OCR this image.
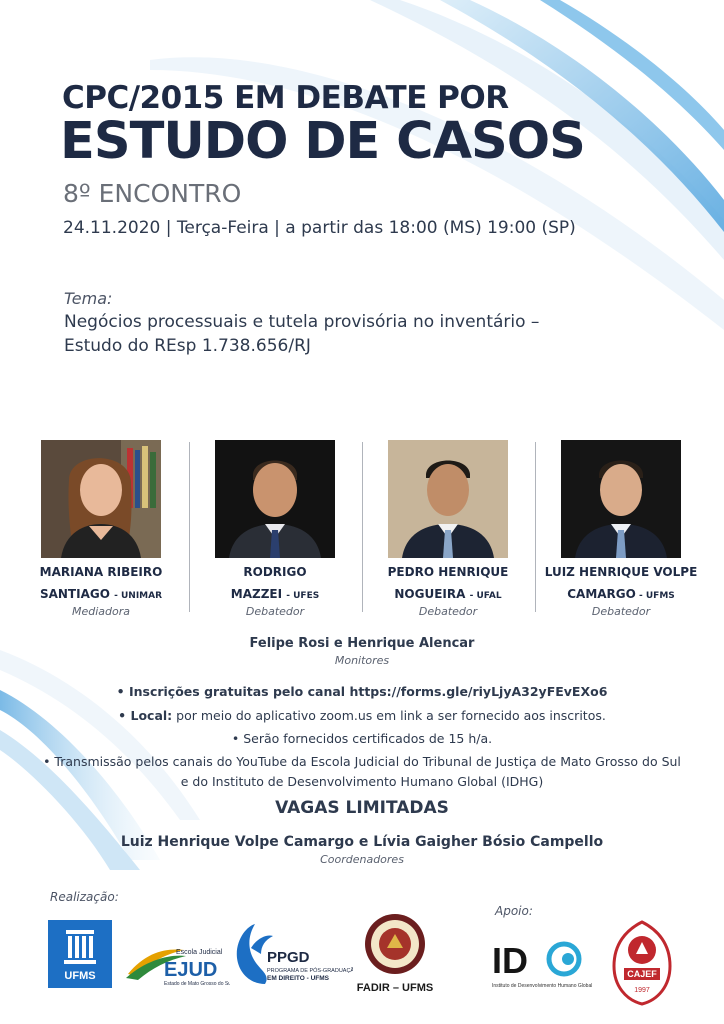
CPC/2015 EM DEBATE POR
ESTUDO DE CASOS
8º ENCONTRO
24.11.2020 | Terça-Feira | a partir das 18:00 (MS) 19:00 (SP)
Tema:
Negócios processuais e tutela provisória no inventário –
Estudo do REsp 1.738.656/RJ
MARIANA RIBEIRO
SANTIAGO - UNIMAR
Mediadora
RODRIGO
MAZZEI - UFES
Debatedor
PEDRO HENRIQUE
NOGUEIRA - UFAL
Debatedor
LUIZ HENRIQUE VOLPE
CAMARGO - UFMS
Debatedor
Felipe Rosi e Henrique Alencar
Monitores
• Inscrições gratuitas pelo canal https://forms.gle/riyLjyA32yFEvEXo6
• Local: por meio do aplicativo zoom.us em link a ser fornecido aos inscritos.
• Serão fornecidos certificados de 15 h/a.
• Transmissão pelos canais do YouTube da Escola Judicial do Tribunal de Justiça de Mato Grosso do Sul
e do Instituto de Desenvolvimento Humano Global (IDHG)
VAGAS LIMITADAS
Luiz Henrique Volpe Camargo e Lívia Gaigher Bósio Campello
Coordenadores
Realização:
Apoio:
UFMS
Escola Judicial
EJUD
Estado de Mato Grosso do Sul
PPGD
PROGRAMA DE PÓS-GRADUAÇÃO
EM DIREITO - UFMS
FADIR – UFMS
ID
Instituto de Desenvolvimento Humano Global
CAJEF
1997
